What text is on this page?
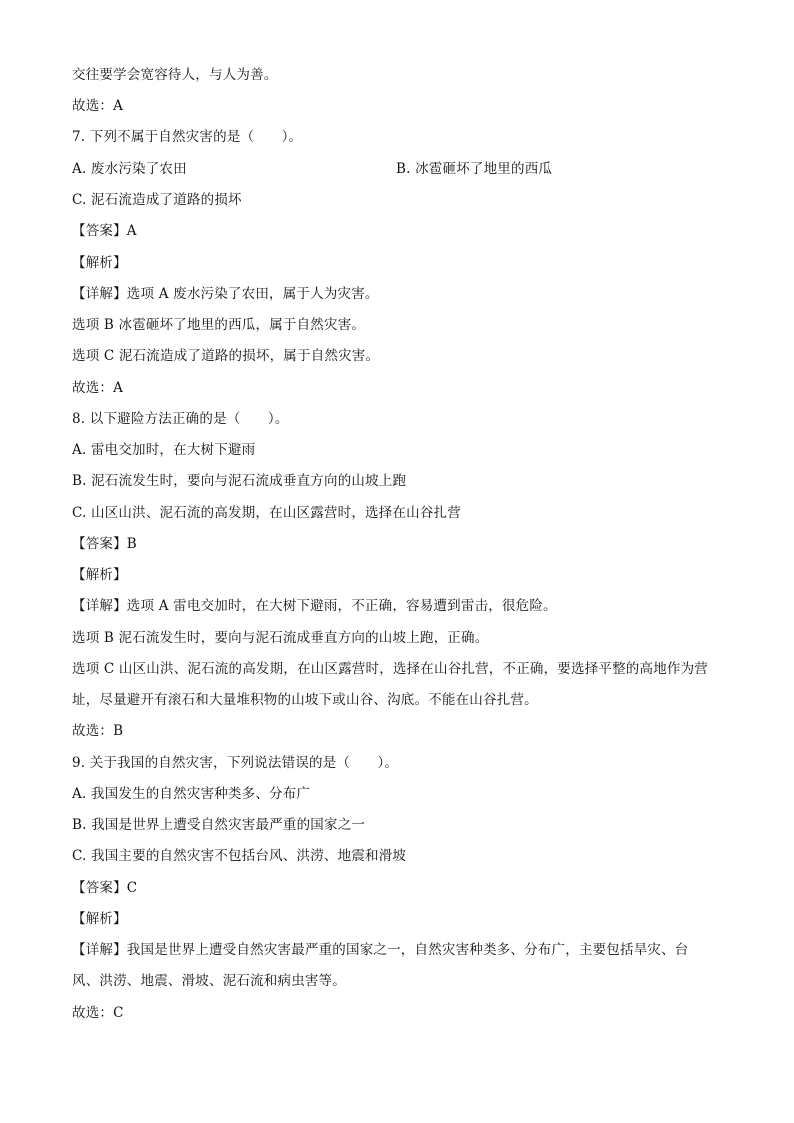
交往要学会宽容待人，与人为善。
故选：A
7. 下列不属于自然灾害的是（　　）。
A. 废水污染了农田	B. 冰雹砸坏了地里的西瓜
C. 泥石流造成了道路的损坏
【答案】A
【解析】
【详解】选项 A 废水污染了农田，属于人为灾害。
选项 B 冰雹砸坏了地里的西瓜，属于自然灾害。
选项 C 泥石流造成了道路的损坏，属于自然灾害。
故选：A
8. 以下避险方法正确的是（　　）。
A. 雷电交加时，在大树下避雨
B. 泥石流发生时，要向与泥石流成垂直方向的山坡上跑
C. 山区山洪、泥石流的高发期，在山区露营时，选择在山谷扎营
【答案】B
【解析】
【详解】选项 A 雷电交加时，在大树下避雨，不正确，容易遭到雷击，很危险。
选项 B 泥石流发生时，要向与泥石流成垂直方向的山坡上跑，正确。
选项 C 山区山洪、泥石流的高发期，在山区露营时，选择在山谷扎营，不正确，要选择平整的高地作为营
址，尽量避开有滚石和大量堆积物的山坡下或山谷、沟底。不能在山谷扎营。
故选：B
9. 关于我国的自然灾害，下列说法错误的是（　　）。
A. 我国发生的自然灾害种类多、分布广
B. 我国是世界上遭受自然灾害最严重的国家之一
C. 我国主要的自然灾害不包括台风、洪涝、地震和滑坡
【答案】C
【解析】
【详解】我国是世界上遭受自然灾害最严重的国家之一，自然灾害种类多、分布广，主要包括旱灾、台
风、洪涝、地震、滑坡、泥石流和病虫害等。
故选：C
